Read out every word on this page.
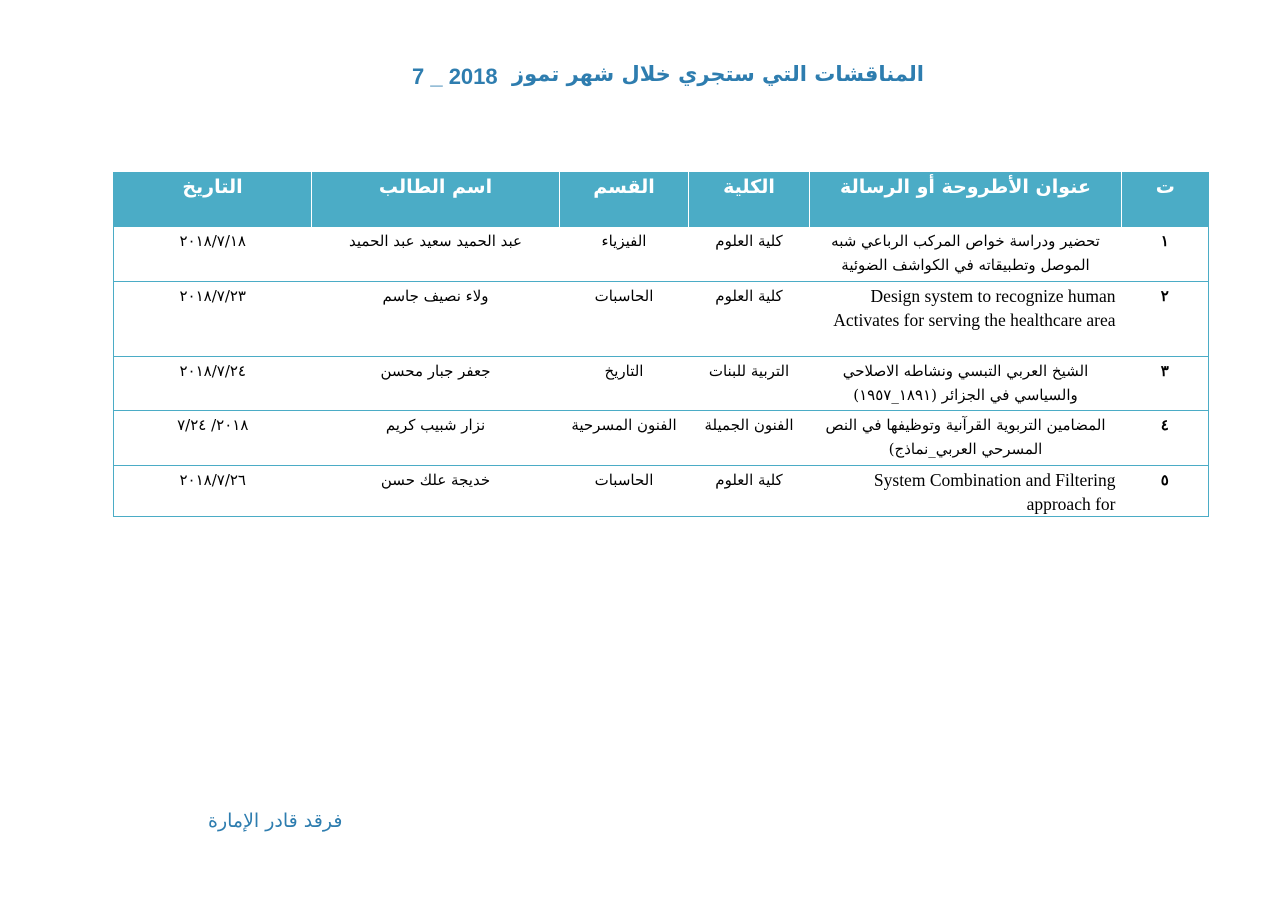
المناقشات التي ستجري خلال شهر تموز
7 _ 2018
ت	عنوان الأطروحة أو الرسالة	الكلية	القسم	اسم الطالب	التاريخ
١	تحضير ودراسة خواص المركب الرباعي شبه الموصل وتطبيقاته في الكواشف الضوئية	كلية العلوم	الفيزياء	عبد الحميد سعيد عبد الحميد	٢٠١٨/٧/١٨
٢	Design system to recognize human Activates for serving the healthcare area	كلية العلوم	الحاسبات	ولاء نصيف جاسم	٢٠١٨/٧/٢٣
٣	الشيخ العربي التبسي ونشاطه الاصلاحي والسياسي في الجزائر (١٨٩١_١٩٥٧)	التربية للبنات	التاريخ	جعفر جبار محسن	٢٠١٨/٧/٢٤
٤	المضامين التربوية القرآنية وتوظيفها في النص المسرحي العربي_نماذج)	الفنون الجميلة	الفنون المسرحية	نزار شبيب كريم	٢٠١٨/ ٧/٢٤
٥	System Combination and Filtering approach for	كلية العلوم	الحاسبات	خديجة علك حسن	٢٠١٨/٧/٢٦
فرقد قادر الإمارة
